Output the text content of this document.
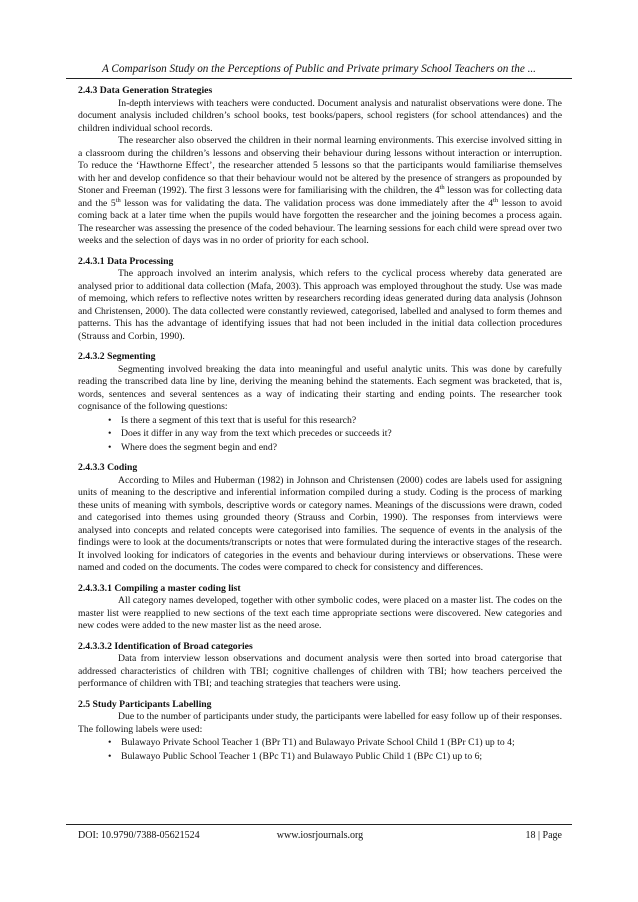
A Comparison Study on the Perceptions of Public and Private primary School Teachers on the ...
2.4.3 Data Generation Strategies

In-depth interviews with teachers were conducted. Document analysis and naturalist observations were done. The document analysis included children’s school books, test books/papers, school registers (for school attendances) and the children individual school records.

The researcher also observed the children in their normal learning environments. This exercise involved sitting in a classroom during the children’s lessons and observing their behaviour during lessons without interaction or interruption. To reduce the ‘Hawthorne Effect’, the researcher attended 5 lessons so that the participants would familiarise themselves with her and develop confidence so that their behaviour would not be altered by the presence of strangers as propounded by Stoner and Freeman (1992). The first 3 lessons were for familiarising with the children, the 4th lesson was for collecting data and the 5th lesson was for validating the data. The validation process was done immediately after the 4th lesson to avoid coming back at a later time when the pupils would have forgotten the researcher and the joining becomes a process again. The researcher was assessing the presence of the coded behaviour. The learning sessions for each child were spread over two weeks and the selection of days was in no order of priority for each school.

2.4.3.1 Data Processing

The approach involved an interim analysis, which refers to the cyclical process whereby data generated are analysed prior to additional data collection (Mafa, 2003). This approach was employed throughout the study. Use was made of memoing, which refers to reflective notes written by researchers recording ideas generated during data analysis (Johnson and Christensen, 2000). The data collected were constantly reviewed, categorised, labelled and analysed to form themes and patterns. This has the advantage of identifying issues that had not been included in the initial data collection procedures (Strauss and Corbin, 1990).

2.4.3.2 Segmenting

Segmenting involved breaking the data into meaningful and useful analytic units. This was done by carefully reading the transcribed data line by line, deriving the meaning behind the statements. Each segment was bracketed, that is, words, sentences and several sentences as a way of indicating their starting and ending points. The researcher took cognisance of the following questions:

• Is there a segment of this text that is useful for this research?
• Does it differ in any way from the text which precedes or succeeds it?
• Where does the segment begin and end?
2.4.3.3 Coding

According to Miles and Huberman (1982) in Johnson and Christensen (2000) codes are labels used for assigning units of meaning to the descriptive and inferential information compiled during a study. Coding is the process of marking these units of meaning with symbols, descriptive words or category names. Meanings of the discussions were drawn, coded and categorised into themes using grounded theory (Strauss and Corbin, 1990). The responses from interviews were analysed into concepts and related concepts were categorised into families. The sequence of events in the analysis of the findings were to look at the documents/transcripts or notes that were formulated during the interactive stages of the research. It involved looking for indicators of categories in the events and behaviour during interviews or observations. These were named and coded on the documents. The codes were compared to check for consistency and differences.

2.4.3.3.1 Compiling a master coding list

All category names developed, together with other symbolic codes, were placed on a master list. The codes on the master list were reapplied to new sections of the text each time appropriate sections were discovered. New categories and new codes were added to the new master list as the need arose.

2.4.3.3.2 Identification of Broad categories

Data from interview lesson observations and document analysis were then sorted into broad catergorise that addressed characteristics of children with TBI; cognitive challenges of children with TBI; how teachers perceived the performance of children with TBI; and teaching strategies that teachers were using.

2.5 Study Participants Labelling

Due to the number of participants under study, the participants were labelled for easy follow up of their responses. The following labels were used:

• Bulawayo Private School Teacher 1 (BPr T1) and Bulawayo Private School Child 1 (BPr C1) up to 4;
• Bulawayo Public School Teacher 1 (BPc T1) and Bulawayo Public Child 1 (BPc C1) up to 6;
DOI: 10.9790/7388-05621524	www.iosrjournals.org	18 | Page
